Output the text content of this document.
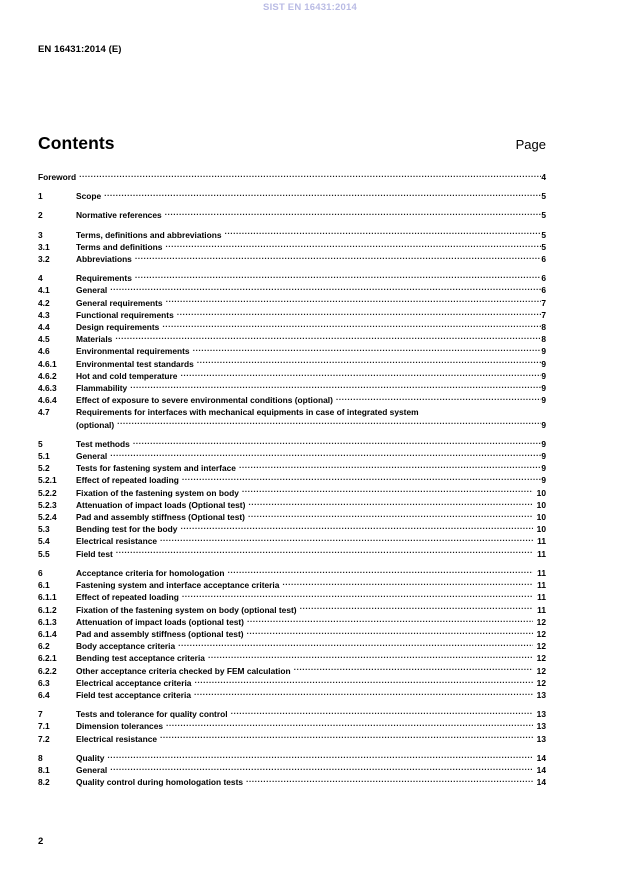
SIST EN 16431:2014
EN 16431:2014 (E)
Contents	Page
Foreword .....	4
1	Scope .....	5
2	Normative references .....	5
3	Terms, definitions and abbreviations .....	5
3.1	Terms and definitions .....	5
3.2	Abbreviations .....	6
4	Requirements .....	6
4.1	General .....	6
4.2	General requirements .....	7
4.3	Functional requirements .....	7
4.4	Design requirements .....	8
4.5	Materials .....	8
4.6	Environmental requirements .....	9
4.6.1	Environmental test standards .....	9
4.6.2	Hot and cold temperature .....	9
4.6.3	Flammability .....	9
4.6.4	Effect of exposure to severe environmental conditions (optional) .....	9
4.7	Requirements for interfaces with mechanical equipments in case of integrated system
(optional) .....	9
5	Test methods .....	9
5.1	General .....	9
5.2	Tests for fastening system and interface .....	9
5.2.1	Effect of repeated loading .....	9
5.2.2	Fixation of the fastening system on body .....	10
5.2.3	Attenuation of impact loads (Optional test) .....	10
5.2.4	Pad and assembly stiffness (Optional test) .....	10
5.3	Bending test for the body .....	10
5.4	Electrical resistance .....	11
5.5	Field test .....	11
6	Acceptance criteria for homologation .....	11
6.1	Fastening system and interface acceptance criteria .....	11
6.1.1	Effect of repeated loading .....	11
6.1.2	Fixation of the fastening system on body (optional test) .....	11
6.1.3	Attenuation of impact loads (optional test) .....	12
6.1.4	Pad and assembly stiffness (optional test) .....	12
6.2	Body acceptance criteria .....	12
6.2.1	Bending test acceptance criteria .....	12
6.2.2	Other acceptance criteria checked by FEM calculation .....	12
6.3	Electrical acceptance criteria .....	12
6.4	Field test acceptance criteria .....	13
7	Tests and tolerance for quality control .....	13
7.1	Dimension tolerances .....	13
7.2	Electrical resistance .....	13
8	Quality .....	14
8.1	General .....	14
8.2	Quality control during homologation tests .....	14
2
